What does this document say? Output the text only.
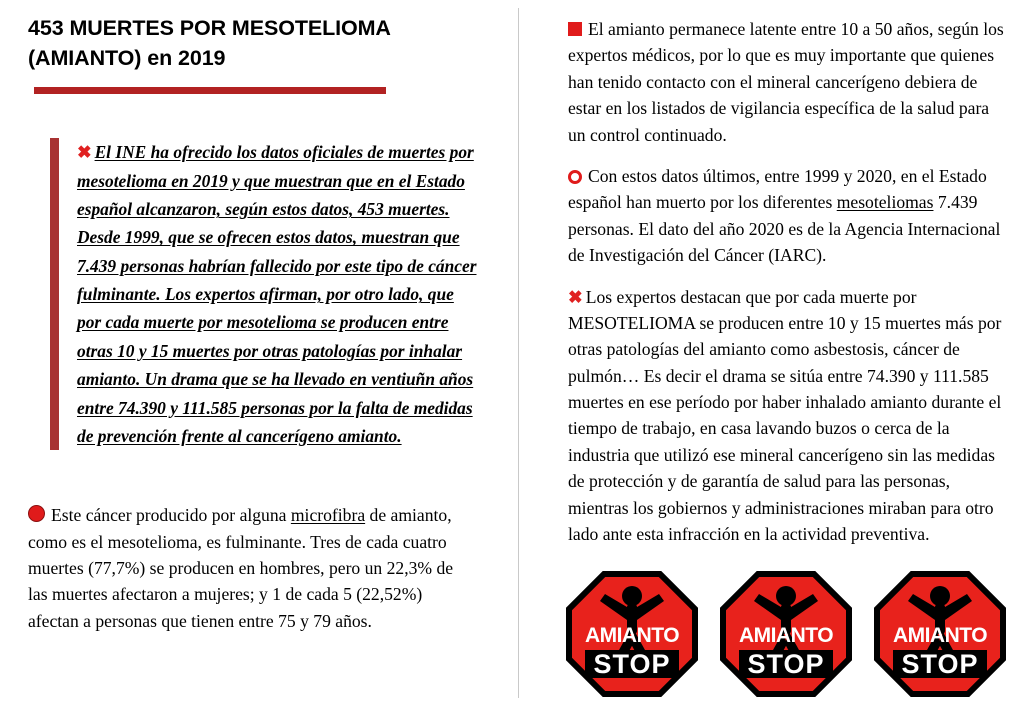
453 MUERTES POR MESOTELIOMA (AMIANTO) en 2019

✖ El INE ha ofrecido los datos oficiales de muertes por mesotelioma en 2019 y que muestran que en el Estado español alcanzaron, según estos datos, 453 muertes. Desde 1999, que se ofrecen estos datos, muestran que 7.439 personas habrían fallecido por este tipo de cáncer fulminante. Los expertos afirman, por otro lado, que por cada muerte por mesotelioma se producen entre otras 10 y 15 muertes por otras patologías por inhalar amianto. Un drama que se ha llevado en ventiuñn años entre 74.390 y 111.585 personas por la falta de medidas de prevención frente al cancerígeno amianto.

Este cáncer producido por alguna microfibra de amianto, como es el mesotelioma, es fulminante. Tres de cada cuatro muertes (77,7%) se producen en hombres, pero un 22,3% de las muertes afectaron a mujeres; y 1 de cada 5 (22,52%) afectan a personas que tienen entre 75 y 79 años.

El amianto permanece latente entre 10 a 50 años, según los expertos médicos, por lo que es muy importante que quienes han tenido contacto con el mineral cancerígeno debiera de estar en los listados de vigilancia específica de la salud para un control continuado.

Con estos datos últimos, entre 1999 y 2020, en el Estado español han muerto por los diferentes mesoteliomas 7.439 personas. El dato del año 2020 es de la Agencia Internacional de Investigación del Cáncer (IARC).

✖ Los expertos destacan que por cada muerte por MESOTELIOMA se producen entre 10 y 15 muertes más por otras patologías del amianto como asbestosis, cáncer de pulmón… Es decir el drama se sitúa entre 74.390 y 111.585 muertes en ese período por haber inhalado amianto durante el tiempo de trabajo, en casa lavando buzos o cerca de la industria que utilizó ese mineral cancerígeno sin las medidas de protección y de garantía de salud para las personas, mientras los gobiernos y administraciones miraban para otro lado ante esta infracción en la actividad preventiva.

AMIANTO
STOP
AMIANTO
STOP
AMIANTO
STOP
